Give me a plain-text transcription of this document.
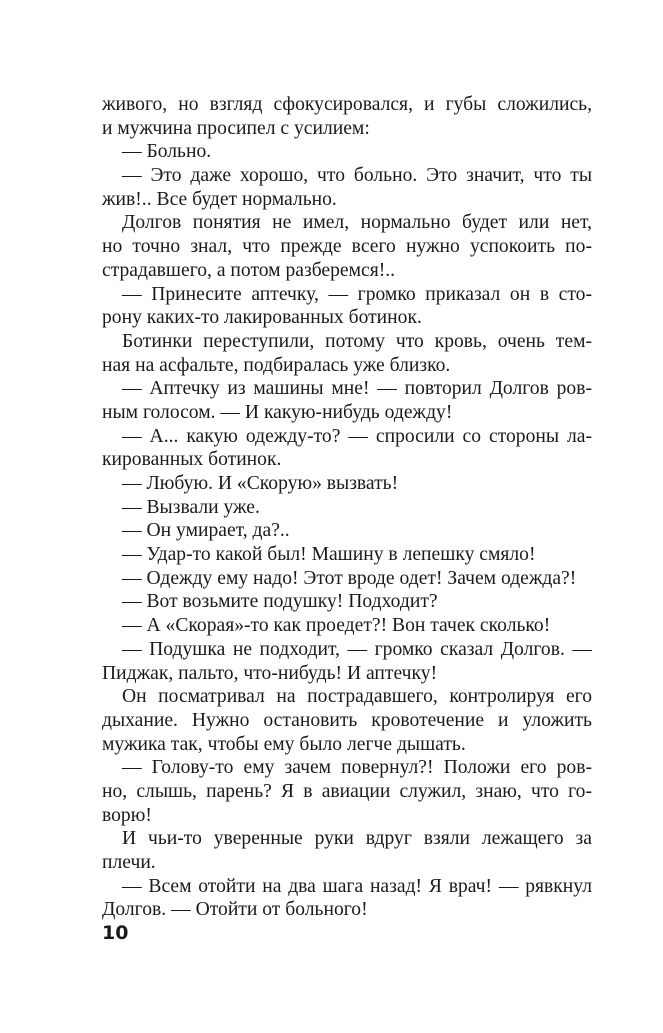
живого, но взгляд сфокусировался, и губы сложились,
и мужчина просипел с усилием:
— Больно.
— Это даже хорошо, что больно. Это значит, что ты
жив!.. Все будет нормально.
Долгов понятия не имел, нормально будет или нет,
но точно знал, что прежде всего нужно успокоить по-
страдавшего, а потом разберемся!..
— Принесите аптечку, — громко приказал он в сто-
рону каких-то лакированных ботинок.
Ботинки переступили, потому что кровь, очень тем-
ная на асфальте, подбиралась уже близко.
— Аптечку из машины мне! — повторил Долгов ров-
ным голосом. — И какую-нибудь одежду!
— А... какую одежду-то? — спросили со стороны ла-
кированных ботинок.
— Любую. И «Скорую» вызвать!
— Вызвали уже.
— Он умирает, да?..
— Удар-то какой был! Машину в лепешку смяло!
— Одежду ему надо! Этот вроде одет! Зачем одежда?!
— Вот возьмите подушку! Подходит?
— А «Скорая»-то как проедет?! Вон тачек сколько!
— Подушка не подходит, — громко сказал Долгов. —
Пиджак, пальто, что-нибудь! И аптечку!
Он посматривал на пострадавшего, контролируя его
дыхание. Нужно остановить кровотечение и уложить
мужика так, чтобы ему было легче дышать.
— Голову-то ему зачем повернул?! Положи его ров-
но, слышь, парень? Я в авиации служил, знаю, что го-
ворю!
И чьи-то уверенные руки вдруг взяли лежащего за
плечи.
— Всем отойти на два шага назад! Я врач! — рявкнул
Долгов. — Отойти от больного!
10
